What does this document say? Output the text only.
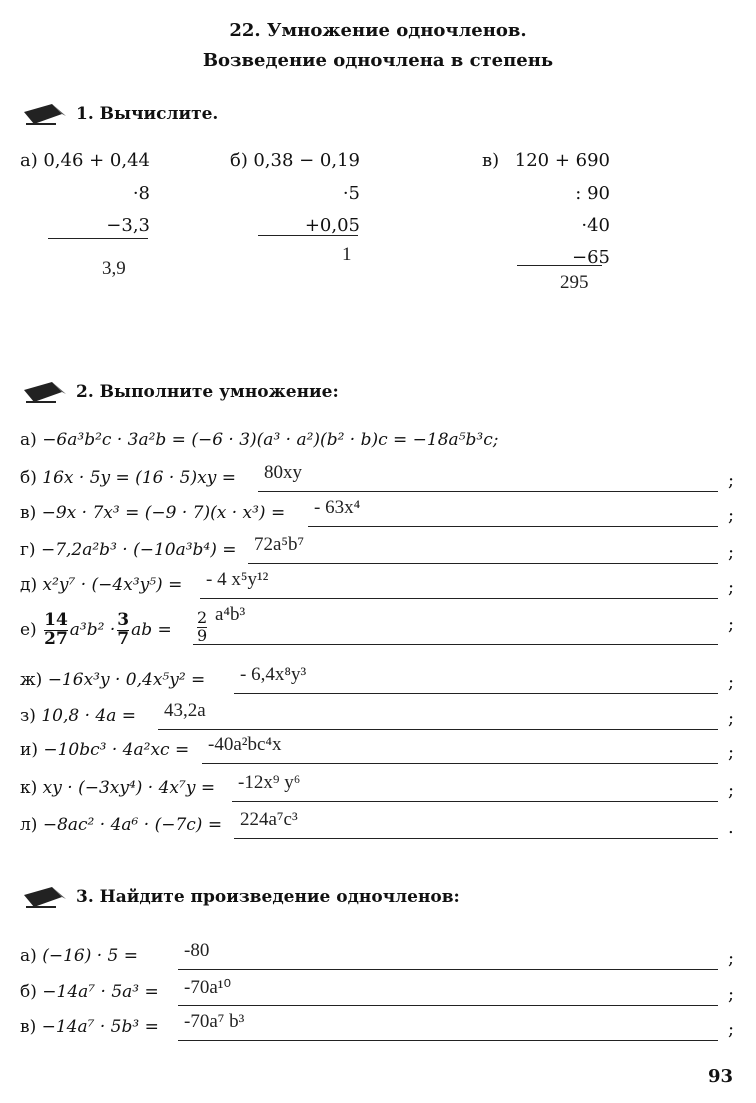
22. Умножение одночленов.
Возведение одночлена в степень
1. Вычислите.
а) 0,46 + 0,44
·8
−3,3
3,9
б) 0,38 − 0,19
·5
+0,05
1
в) 120 + 690
: 90
·40
−65
295
2. Выполните умножение:
а) −6a³b²c · 3a²b = (−6 · 3)(a³ · a²)(b² · b)c = −18a⁵b³c;
б) 16x · 5y = (16 · 5)xy = 80xy	;
в) −9x · 7x³ = (−9 · 7)(x · x³) = - 63x⁴	;
г) −7,2a²b³ · (−10a³b⁴) = 72a⁵b⁷	;
д) x²y⁷ · (−4x³y⁵) = - 4 x⁵y¹²	;
$е) \frac{14}{27} a^3b^2 \cdot \frac{3}{7}$ ab = $\frac{2}{9} a^4b^3$	;
ж) −16x³y · 0,4x⁵y² = - 6,4x⁸y³	;
з) 10,8 · 4a = 43,2a	;
и) −10bc³ · 4a²xc = -40a²bc⁴x	;
к) xy · (−3xy⁴) · 4x⁷y = -12x⁹ y⁶	;
л) −8ac² · 4a⁶ · (−7c) = 224a⁷c³	.
3. Найдите произведение одночленов:
а) (−16) · 5 = -80	;
б) −14a⁷ · 5a³ = -70a¹⁰	;
в) −14a⁷ · 5b³ = -70a⁷ b³	;
93
